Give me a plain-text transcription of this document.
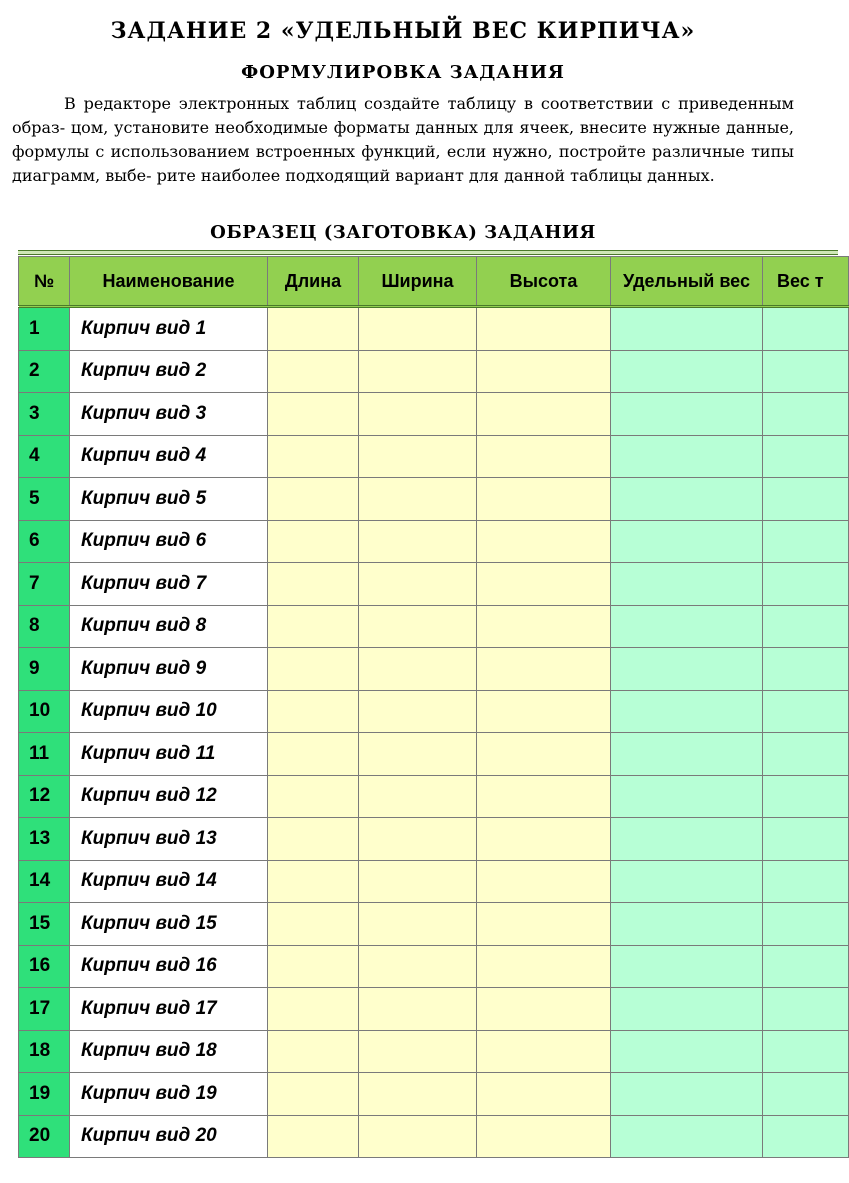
ЗАДАНИЕ 2 «УДЕЛЬНЫЙ ВЕС КИРПИЧА»
ФОРМУЛИРОВКА ЗАДАНИЯ
В редакторе электронных таблиц создайте таблицу в соответствии с приведенным образ- цом, установите необходимые форматы данных для ячеек, внесите нужные данные, формулы с использованием встроенных функций, если нужно, постройте различные типы диаграмм, выбе- рите наиболее подходящий вариант для данной таблицы данных.
ОБРАЗЕЦ (ЗАГОТОВКА) ЗАДАНИЯ
№	Наименование	Длина	Ширина	Высота	Удельный вес	Вес т

1	Кирпич вид 1					
2	Кирпич вид 2					
3	Кирпич вид 3					
4	Кирпич вид 4					
5	Кирпич вид 5					
6	Кирпич вид 6					
7	Кирпич вид 7					
8	Кирпич вид 8					
9	Кирпич вид 9					
10	Кирпич вид 10					
11	Кирпич вид 11					
12	Кирпич вид 12					
13	Кирпич вид 13					
14	Кирпич вид 14					
15	Кирпич вид 15					
16	Кирпич вид 16					
17	Кирпич вид 17					
18	Кирпич вид 18					
19	Кирпич вид 19					
20	Кирпич вид 20					
